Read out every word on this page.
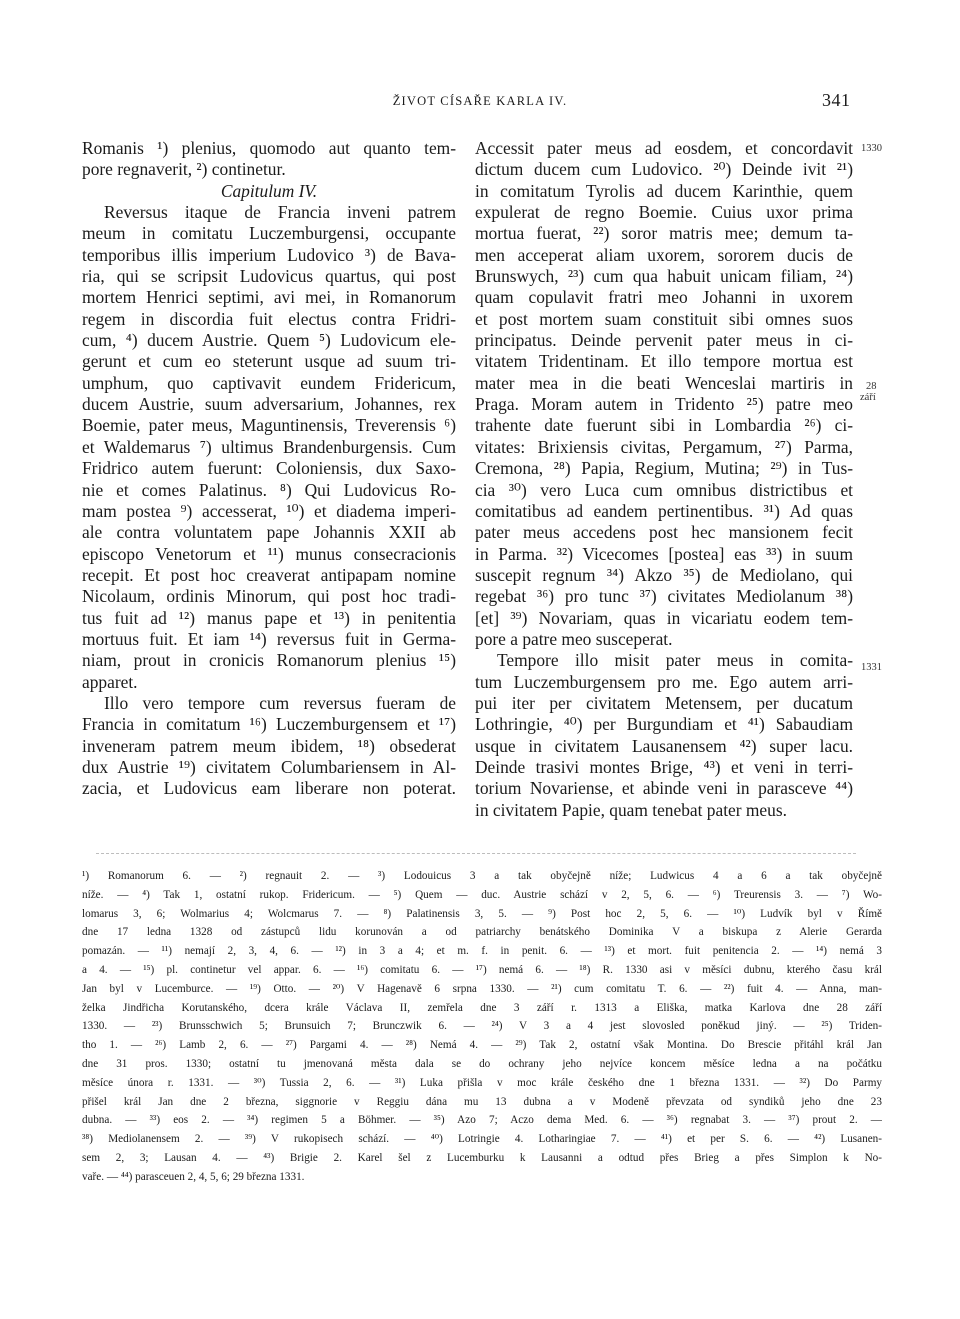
ŽIVOT CÍSAŘE KARLA IV.	341
Romanis ¹) plenius, quomodo aut quanto tem-
pore regnaverit, ²) continetur.
Capitulum IV.
Reversus itaque de Francia inveni patrem
meum in comitatu Luczemburgensi, occupante
temporibus illis imperium Ludovico ³) de Bava-
ria, qui se scripsit Ludovicus quartus, qui post
mortem Henrici septimi, avi mei, in Romanorum
regem in discordia fuit electus contra Fridri-
cum, ⁴) ducem Austrie. Quem ⁵) Ludovicum ele-
gerunt et cum eo steterunt usque ad suum tri-
umphum, quo captivavit eundem Fridericum,
ducem Austrie, suum adversarium, Johannes, rex
Boemie, pater meus, Maguntinensis, Treverensis ⁶)
et Waldemarus ⁷) ultimus Brandenburgensis. Cum
Fridrico autem fuerunt: Coloniensis, dux Saxo-
nie et comes Palatinus. ⁸) Qui Ludovicus Ro-
mam postea ⁹) accesserat, ¹⁰) et diadema imperi-
ale contra voluntatem pape Johannis XXII ab
episcopo Venetorum et ¹¹) munus consecracionis
recepit. Et post hoc creaverat antipapam nomine
Nicolaum, ordinis Minorum, qui post hoc tradi-
tus fuit ad ¹²) manus pape et ¹³) in penitentia
mortuus fuit. Et iam ¹⁴) reversus fuit in Germa-
niam, prout in cronicis Romanorum plenius ¹⁵)
apparet.
Illo vero tempore cum reversus fueram de
Francia in comitatum ¹⁶) Luczemburgensem et ¹⁷)
inveneram patrem meum ibidem, ¹⁸) obsederat
dux Austrie ¹⁹) civitatem Columbariensem in Al-
zacia, et Ludovicus eam liberare non poterat.
Accessit pater meus ad eosdem, et concordavit
dictum ducem cum Ludovico. ²⁰) Deinde ivit ²¹)
in comitatum Tyrolis ad ducem Karinthie, quem
expulerat de regno Boemie. Cuius uxor prima
mortua fuerat, ²²) soror matris mee; demum ta-
men acceperat aliam uxorem, sororem ducis de
Brunswych, ²³) cum qua habuit unicam filiam, ²⁴)
quam copulavit fratri meo Johanni in uxorem
et post mortem suam constituit sibi omnes suos
principatus. Deinde pervenit pater meus in ci-
vitatem Tridentinam. Et illo tempore mortua est
mater mea in die beati Wenceslai martiris in
Praga. Moram autem in Tridento ²⁵) patre meo
trahente date fuerunt sibi in Lombardia ²⁶) ci-
vitates: Brixiensis civitas, Pergamum, ²⁷) Parma,
Cremona, ²⁸) Papia, Regium, Mutina; ²⁹) in Tus-
cia ³⁰) vero Luca cum omnibus districtibus et
comitatibus ad eandem pertinentibus. ³¹) Ad quas
pater meus accedens post hec mansionem fecit
in Parma. ³²) Vicecomes [postea] eas ³³) in suum
suscepit regnum ³⁴) Akzo ³⁵) de Mediolano, qui
regebat ³⁶) pro tunc ³⁷) civitates Mediolanum ³⁸)
[et] ³⁹) Novariam, quas in vicariatu eodem tem-
pore a patre meo susceperat.
Tempore illo misit pater meus in comita-
tum Luczemburgensem pro me. Ego autem arri-
pui iter per civitatem Metensem, per ducatum
Lothringie, ⁴⁰) per Burgundiam et ⁴¹) Sabaudiam
usque in civitatem Lausanensem ⁴²) super lacu.
Deinde trasivi montes Brige, ⁴³) et veni in terri-
torium Novariense, et abinde veni in parasceve ⁴⁴)
in civitatem Papie, quam tenebat pater meus.
1330
28
září
1331
¹) Romanorum 6. — ²) regnauit 2. — ³) Lodouicus 3 a tak obyčejně níže; Ludwicus 4 a 6 a tak obyčejně
níže. — ⁴) Tak 1, ostatní rukop. Fridericum. — ⁵) Quem — duc. Austrie schází v 2, 5, 6. — ⁶) Treurensis 3. — ⁷) Wo-
lomarus 3, 6; Wolmarius 4; Wolcmarus 7. — ⁸) Palatinensis 3, 5. — ⁹) Post hoc 2, 5, 6. — ¹⁰) Ludvík byl v Římě
dne 17 ledna 1328 od zástupců lidu korunován a od patriarchy benátského Dominika V a biskupa z Alerie Gerarda
pomazán. — ¹¹) nemají 2, 3, 4, 6. — ¹²) in 3 a 4; et m. f. in penit. 6. — ¹³) et mort. fuit penitencia 2. — ¹⁴) nemá 3
a 4. — ¹⁵) pl. continetur vel appar. 6. — ¹⁶) comitatu 6. — ¹⁷) nemá 6. — ¹⁸) R. 1330 asi v měsíci dubnu, kterého času král
Jan byl v Lucemburce. — ¹⁹) Otto. — ²⁰) V Hagenavě 6 srpna 1330. — ²¹) cum comitatu T. 6. — ²²) fuit 4. — Anna, man-
želka Jindřicha Korutanského, dcera krále Václava II, zemřela dne 3 září r. 1313 a Eliška, matka Karlova dne 28 září
1330. — ²³) Brunsschwich 5; Brunsuich 7; Brunczwik 6. — ²⁴) V 3 a 4 jest slovosled poněkud jiný. — ²⁵) Triden-
tho 1. — ²⁶) Lamb 2, 6. — ²⁷) Pargami 4. — ²⁸) Nemá 4. — ²⁹) Tak 2, ostatní však Montina. Do Brescie přitáhl král Jan
dne 31 pros. 1330; ostatní tu jmenovaná města dala se do ochrany jeho nejvíce koncem měsíce ledna a na počátku
měsíce února r. 1331. — ³⁰) Tussia 2, 6. — ³¹) Luka přišla v moc krále českého dne 1 března 1331. — ³²) Do Parmy
přišel král Jan dne 2 března, siggnorie v Reggiu dána mu 13 dubna a v Modeně převzata od syndiků jeho dne 23
dubna. — ³³) eos 2. — ³⁴) regimen 5 a Böhmer. — ³⁵) Azo 7; Aczo dema Med. 6. — ³⁶) regnabat 3. — ³⁷) prout 2. —
³⁸) Mediolanensem 2. — ³⁹) V rukopisech schází. — ⁴⁰) Lotringie 4. Lotharingiae 7. — ⁴¹) et per S. 6. — ⁴²) Lusanen-
sem 2, 3; Lausan 4. — ⁴³) Brigie 2. Karel šel z Lucemburku k Lausanni a odtud přes Brieg a přes Simplon k No-
vaře. — ⁴⁴) parasceuen 2, 4, 5, 6; 29 března 1331.
